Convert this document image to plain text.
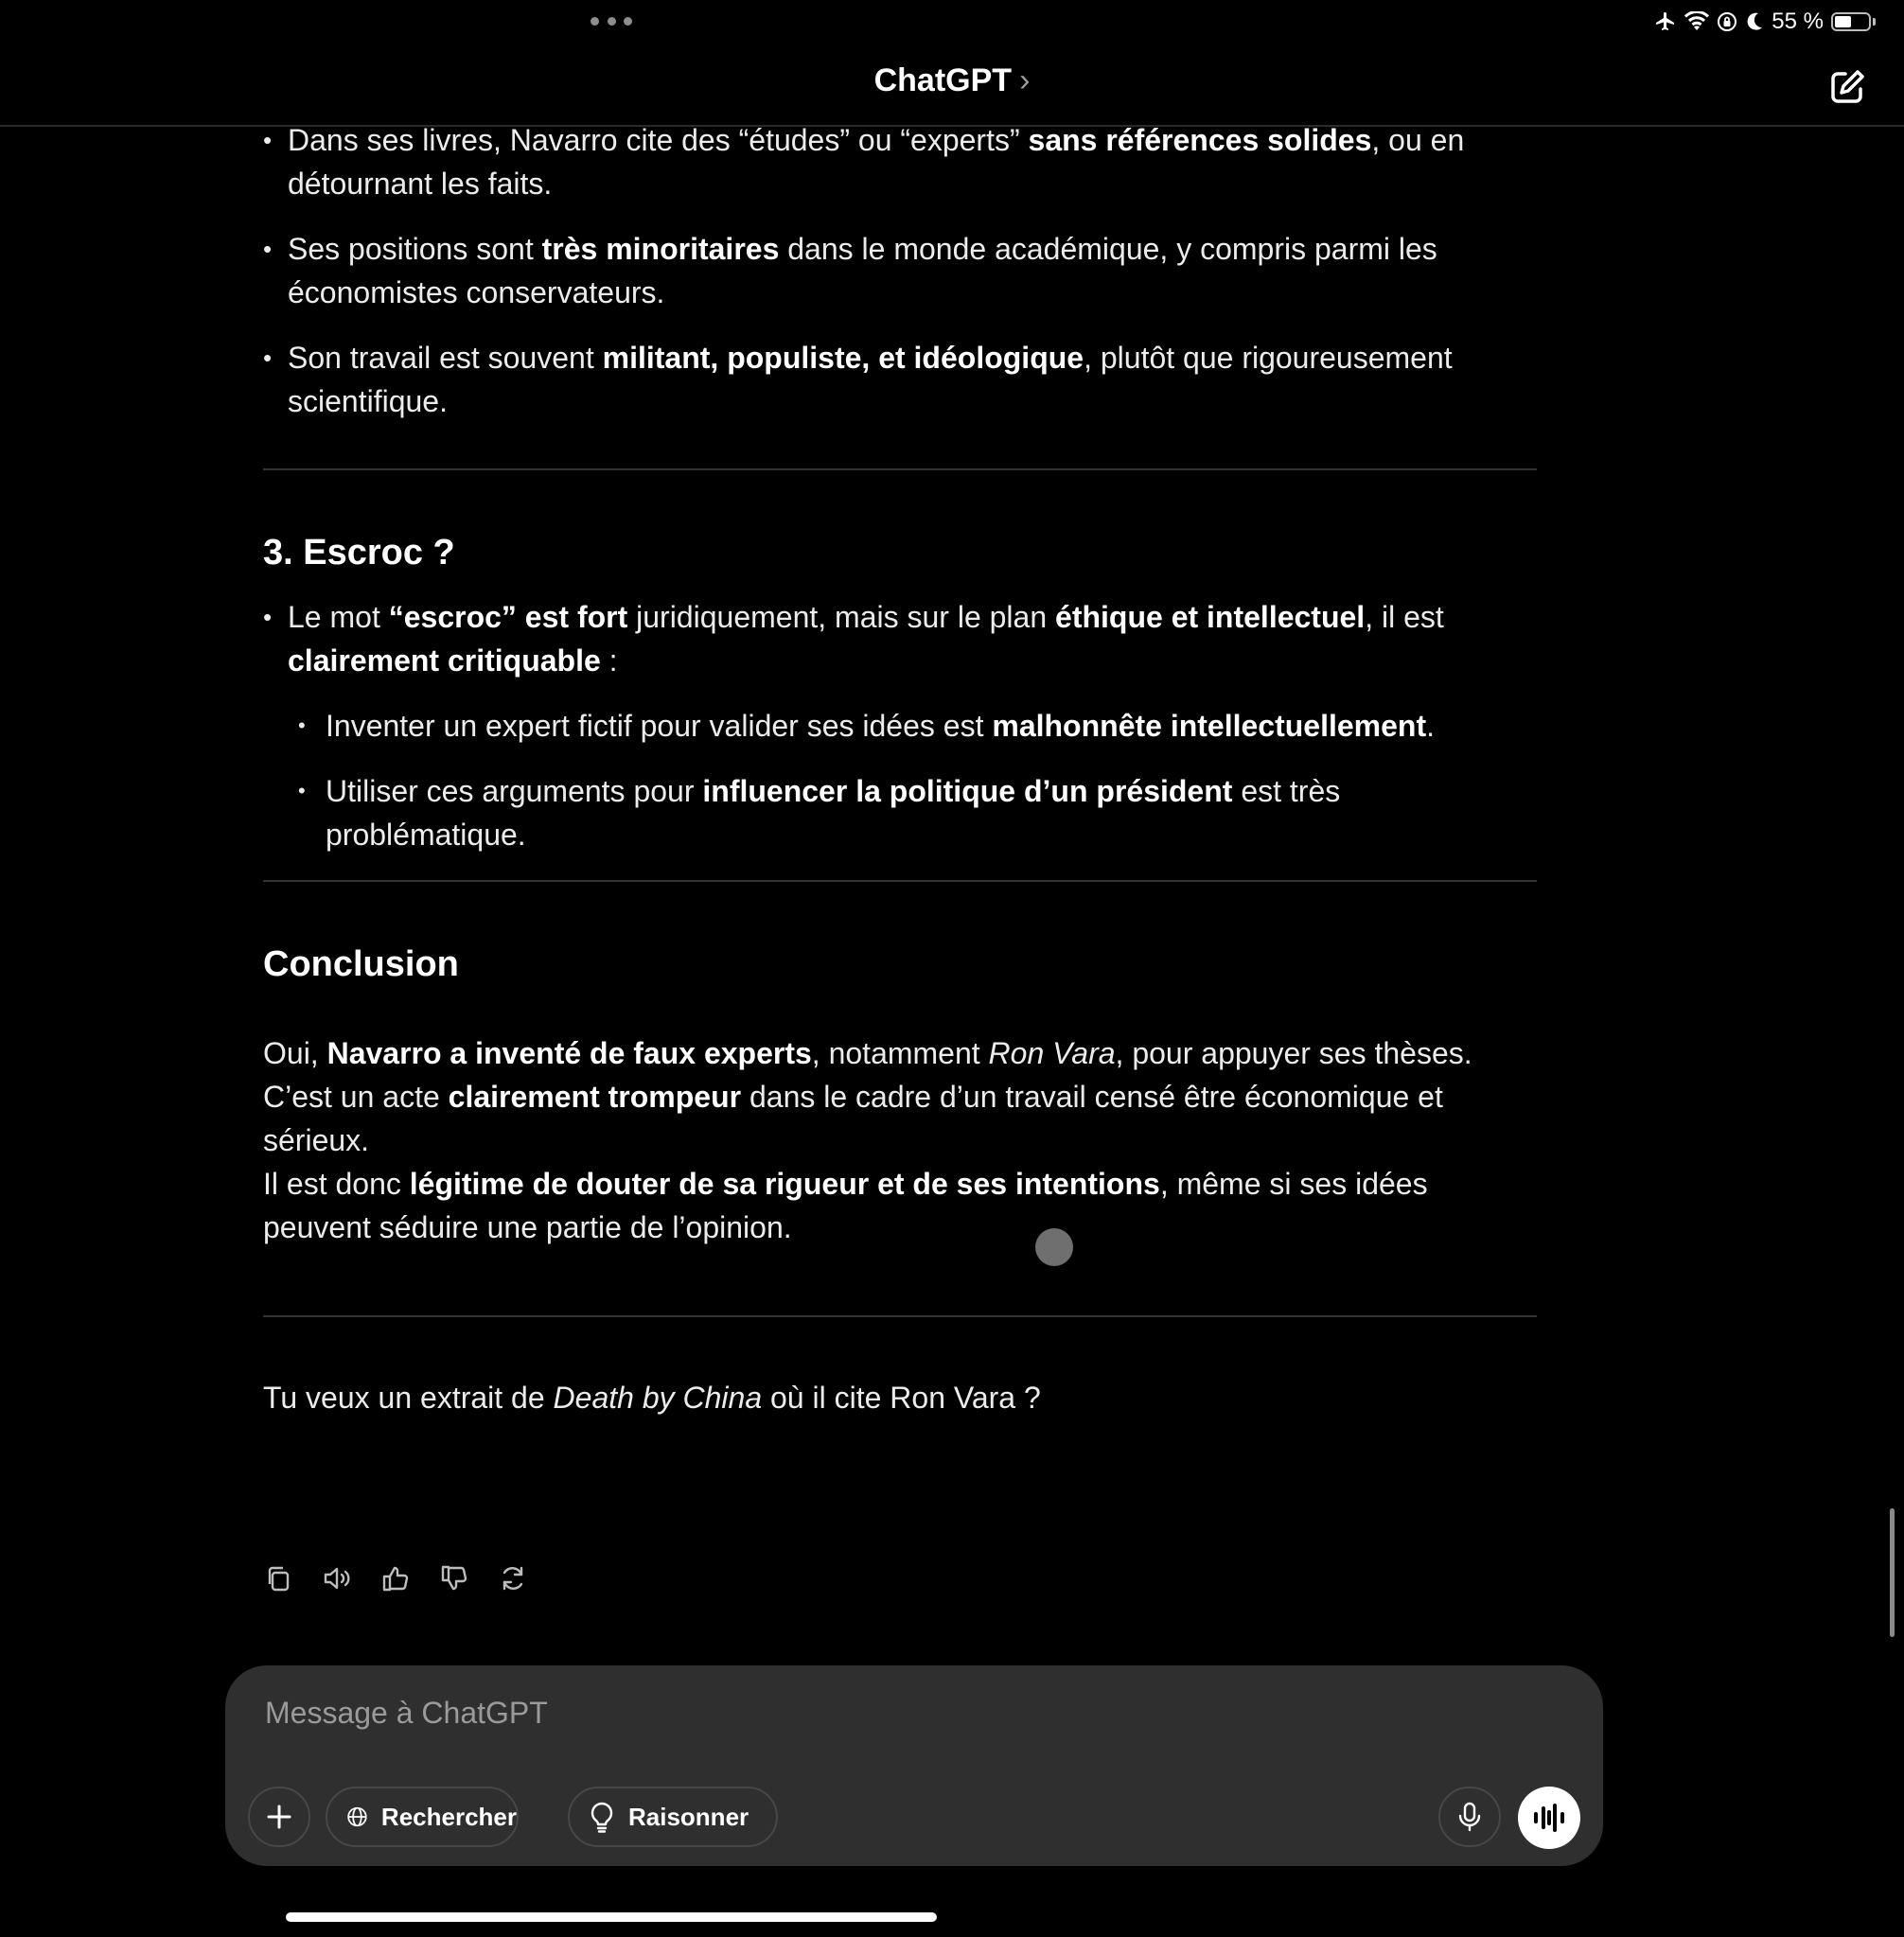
55 %
ChatGPT ›
• Dans ses livres, Navarro cite des “études” ou “experts” sans références solides, ou en détournant les faits.
• Ses positions sont très minoritaires dans le monde académique, y compris parmi les économistes conservateurs.
• Son travail est souvent militant, populiste, et idéologique, plutôt que rigoureusement scientifique.
3. Escroc ?
• Le mot “escroc” est fort juridiquement, mais sur le plan éthique et intellectuel, il est clairement critiquable :
• Inventer un expert fictif pour valider ses idées est malhonnête intellectuellement.
• Utiliser ces arguments pour influencer la politique d’un président est très problématique.
Conclusion

Oui, Navarro a inventé de faux experts, notamment Ron Vara, pour appuyer ses thèses.

C’est un acte clairement trompeur dans le cadre d’un travail censé être économique et sérieux.

Il est donc légitime de douter de sa rigueur et de ses intentions, même si ses idées peuvent séduire une partie de l’opinion.

Tu veux un extrait de Death by China où il cite Ron Vara ?

Message à ChatGPT
Rechercher	Raisonner
